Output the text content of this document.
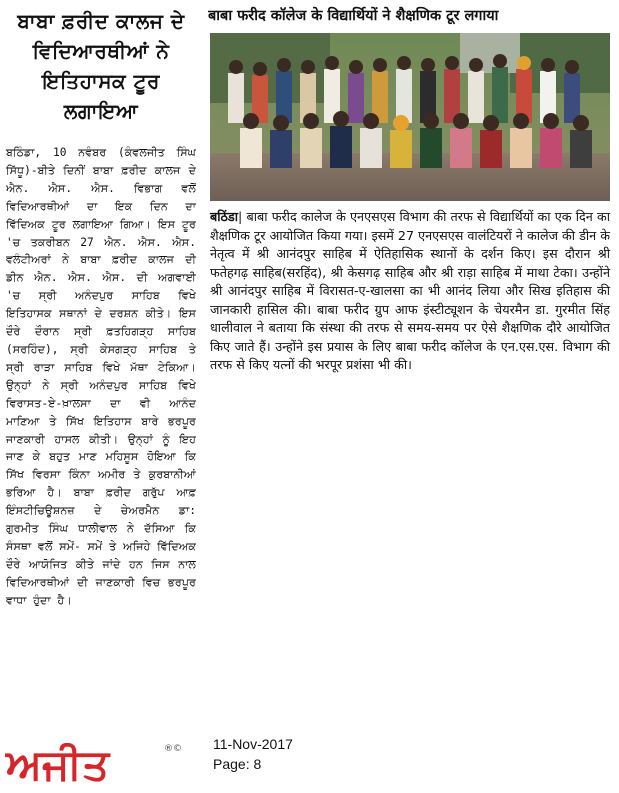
ਬਾਬਾ ਫ਼ਰੀਦ ਕਾਲਜ ਦੇ ਵਿਦਿਆਰਥੀਆਂ ਨੇ ਇਤਿਹਾਸਕ ਟੂਰ ਲਗਾਇਆ

ਬਠਿੰਡਾ, 10 ਨਵੰਬਰ (ਕੰਵਲਜੀਤ ਸਿੰਘ ਸਿੱਧੂ)-ਬੀਤੇ ਦਿਨੀਂ ਬਾਬਾ ਫ਼ਰੀਦ ਕਾਲਜ ਦੇ ਐਨ. ਐਸ. ਐਸ. ਵਿਭਾਗ ਵਲੋਂ ਵਿਦਿਆਰਥੀਆਂ ਦਾ ਇਕ ਦਿਨ ਦਾ ਵਿੱਦਿਅਕ ਟੂਰ ਲਗਾਇਆ ਗਿਆ। ਇਸ ਟੂਰ 'ਚ ਤਕਰੀਬਨ 27 ਐਨ. ਐਸ. ਐਸ. ਵਲੰਟੀਅਰਾਂ ਨੇ ਬਾਬਾ ਫ਼ਰੀਦ ਕਾਲਜ ਦੀ ਡੀਨ ਐਨ. ਐਸ. ਐਸ. ਦੀ ਅਗਵਾਈ 'ਚ ਸ੍ਰੀ ਅਨੰਦਪੁਰ ਸਾਹਿਬ ਵਿਖੇ ਇਤਿਹਾਸਕ ਸਥਾਨਾਂ ਦੇ ਦਰਸ਼ਨ ਕੀਤੇ। ਇਸ ਦੌਰੇ ਦੌਰਾਨ ਸ੍ਰੀ ਫ਼ਤਹਿਗੜ੍ਹ ਸਾਹਿਬ (ਸਰਹਿੰਦ), ਸ੍ਰੀ ਕੇਸਗੜ੍ਹ ਸਾਹਿਬ ਤੇ ਸ੍ਰੀ ਰਾੜਾ ਸਾਹਿਬ ਵਿਖੇ ਮੱਥਾ ਟੇਕਿਆ। ਉਨ੍ਹਾਂ ਨੇ ਸ੍ਰੀ ਅਨੰਦਪੁਰ ਸਾਹਿਬ ਵਿਖੇ ਵਿਰਾਸਤ-ਏ-ਖ਼ਾਲਸਾ ਦਾ ਵੀ ਆਨੰਦ ਮਾਣਿਆ ਤੇ ਸਿੱਖ ਇਤਿਹਾਸ ਬਾਰੇ ਭਰਪੂਰ ਜਾਣਕਾਰੀ ਹਾਸਲ ਕੀਤੀ। ਉਨ੍ਹਾਂ ਨੂੰ ਇਹ ਜਾਣ ਕੇ ਬਹੁਤ ਮਾਣ ਮਹਿਸੂਸ ਹੋਇਆ ਕਿ ਸਿੱਖ ਵਿਰਸਾ ਕਿੰਨਾ ਅਮੀਰ ਤੇ ਕੁਰਬਾਨੀਆਂ ਭਰਿਆ ਹੈ। ਬਾਬਾ ਫ਼ਰੀਦ ਗਰੁੱਪ ਆਫ਼ ਇੰਸਟੀਚਿਊਸ਼ਨਜ਼ ਦੇ ਚੇਅਰਮੈਨ ਡਾ: ਗੁਰਮੀਤ ਸਿੰਘ ਧਾਲੀਵਾਲ ਨੇ ਦੱਸਿਆ ਕਿ ਸੰਸਥਾ ਵਲੋਂ ਸਮੇਂ- ਸਮੇਂ ਤੇ ਅਜਿਹੇ ਵਿੱਦਿਅਕ ਦੌਰੇ ਆਯੋਜਿਤ ਕੀਤੇ ਜਾਂਦੇ ਹਨ ਜਿਸ ਨਾਲ ਵਿਦਿਆਰਥੀਆਂ ਦੀ ਜਾਣਕਾਰੀ ਵਿਚ ਭਰਪੂਰ ਵਾਧਾ ਹੁੰਦਾ ਹੈ।

बाबा फरीद कॉलेज के विद्यार्थियों ने शैक्षणिक टूर लगाया

बठिंडा| बाबा फरीद कालेज के एनएसएस विभाग की तरफ से विद्यार्थियों का एक दिन का शैक्षणिक टूर आयोजित किया गया। इसमें 27 एनएसएस वालंटियरों ने कालेज की डीन के नेतृत्व में श्री आनंदपुर साहिब में ऐतिहासिक स्थानों के दर्शन किए। इस दौरान श्री फतेहगढ़ साहिब(सरहिंद), श्री केसगढ़ साहिब और श्री राड़ा साहिब में माथा टेका। उन्होंने श्री आनंदपुर साहिब में विरासत-ए-खालसा का भी आनंद लिया और सिख इतिहास की जानकारी हासिल की। बाबा फरीद ग्रुप आफ इंस्टीट्यूशन के चेयरमैन डा. गुरमीत सिंह धालीवाल ने बताया कि संस्था की तरफ से समय-समय पर ऐसे शैक्षणिक दौरे आयोजित किए जाते हैं। उन्होंने इस प्रयास के लिए बाबा फरीद कॉलेज के एन.एस.एस. विभाग की तरफ से किए यत्नों की भरपूर प्रशंसा भी की।

ਅਜੀਤ	®© 11-Nov-2017
Page: 8
